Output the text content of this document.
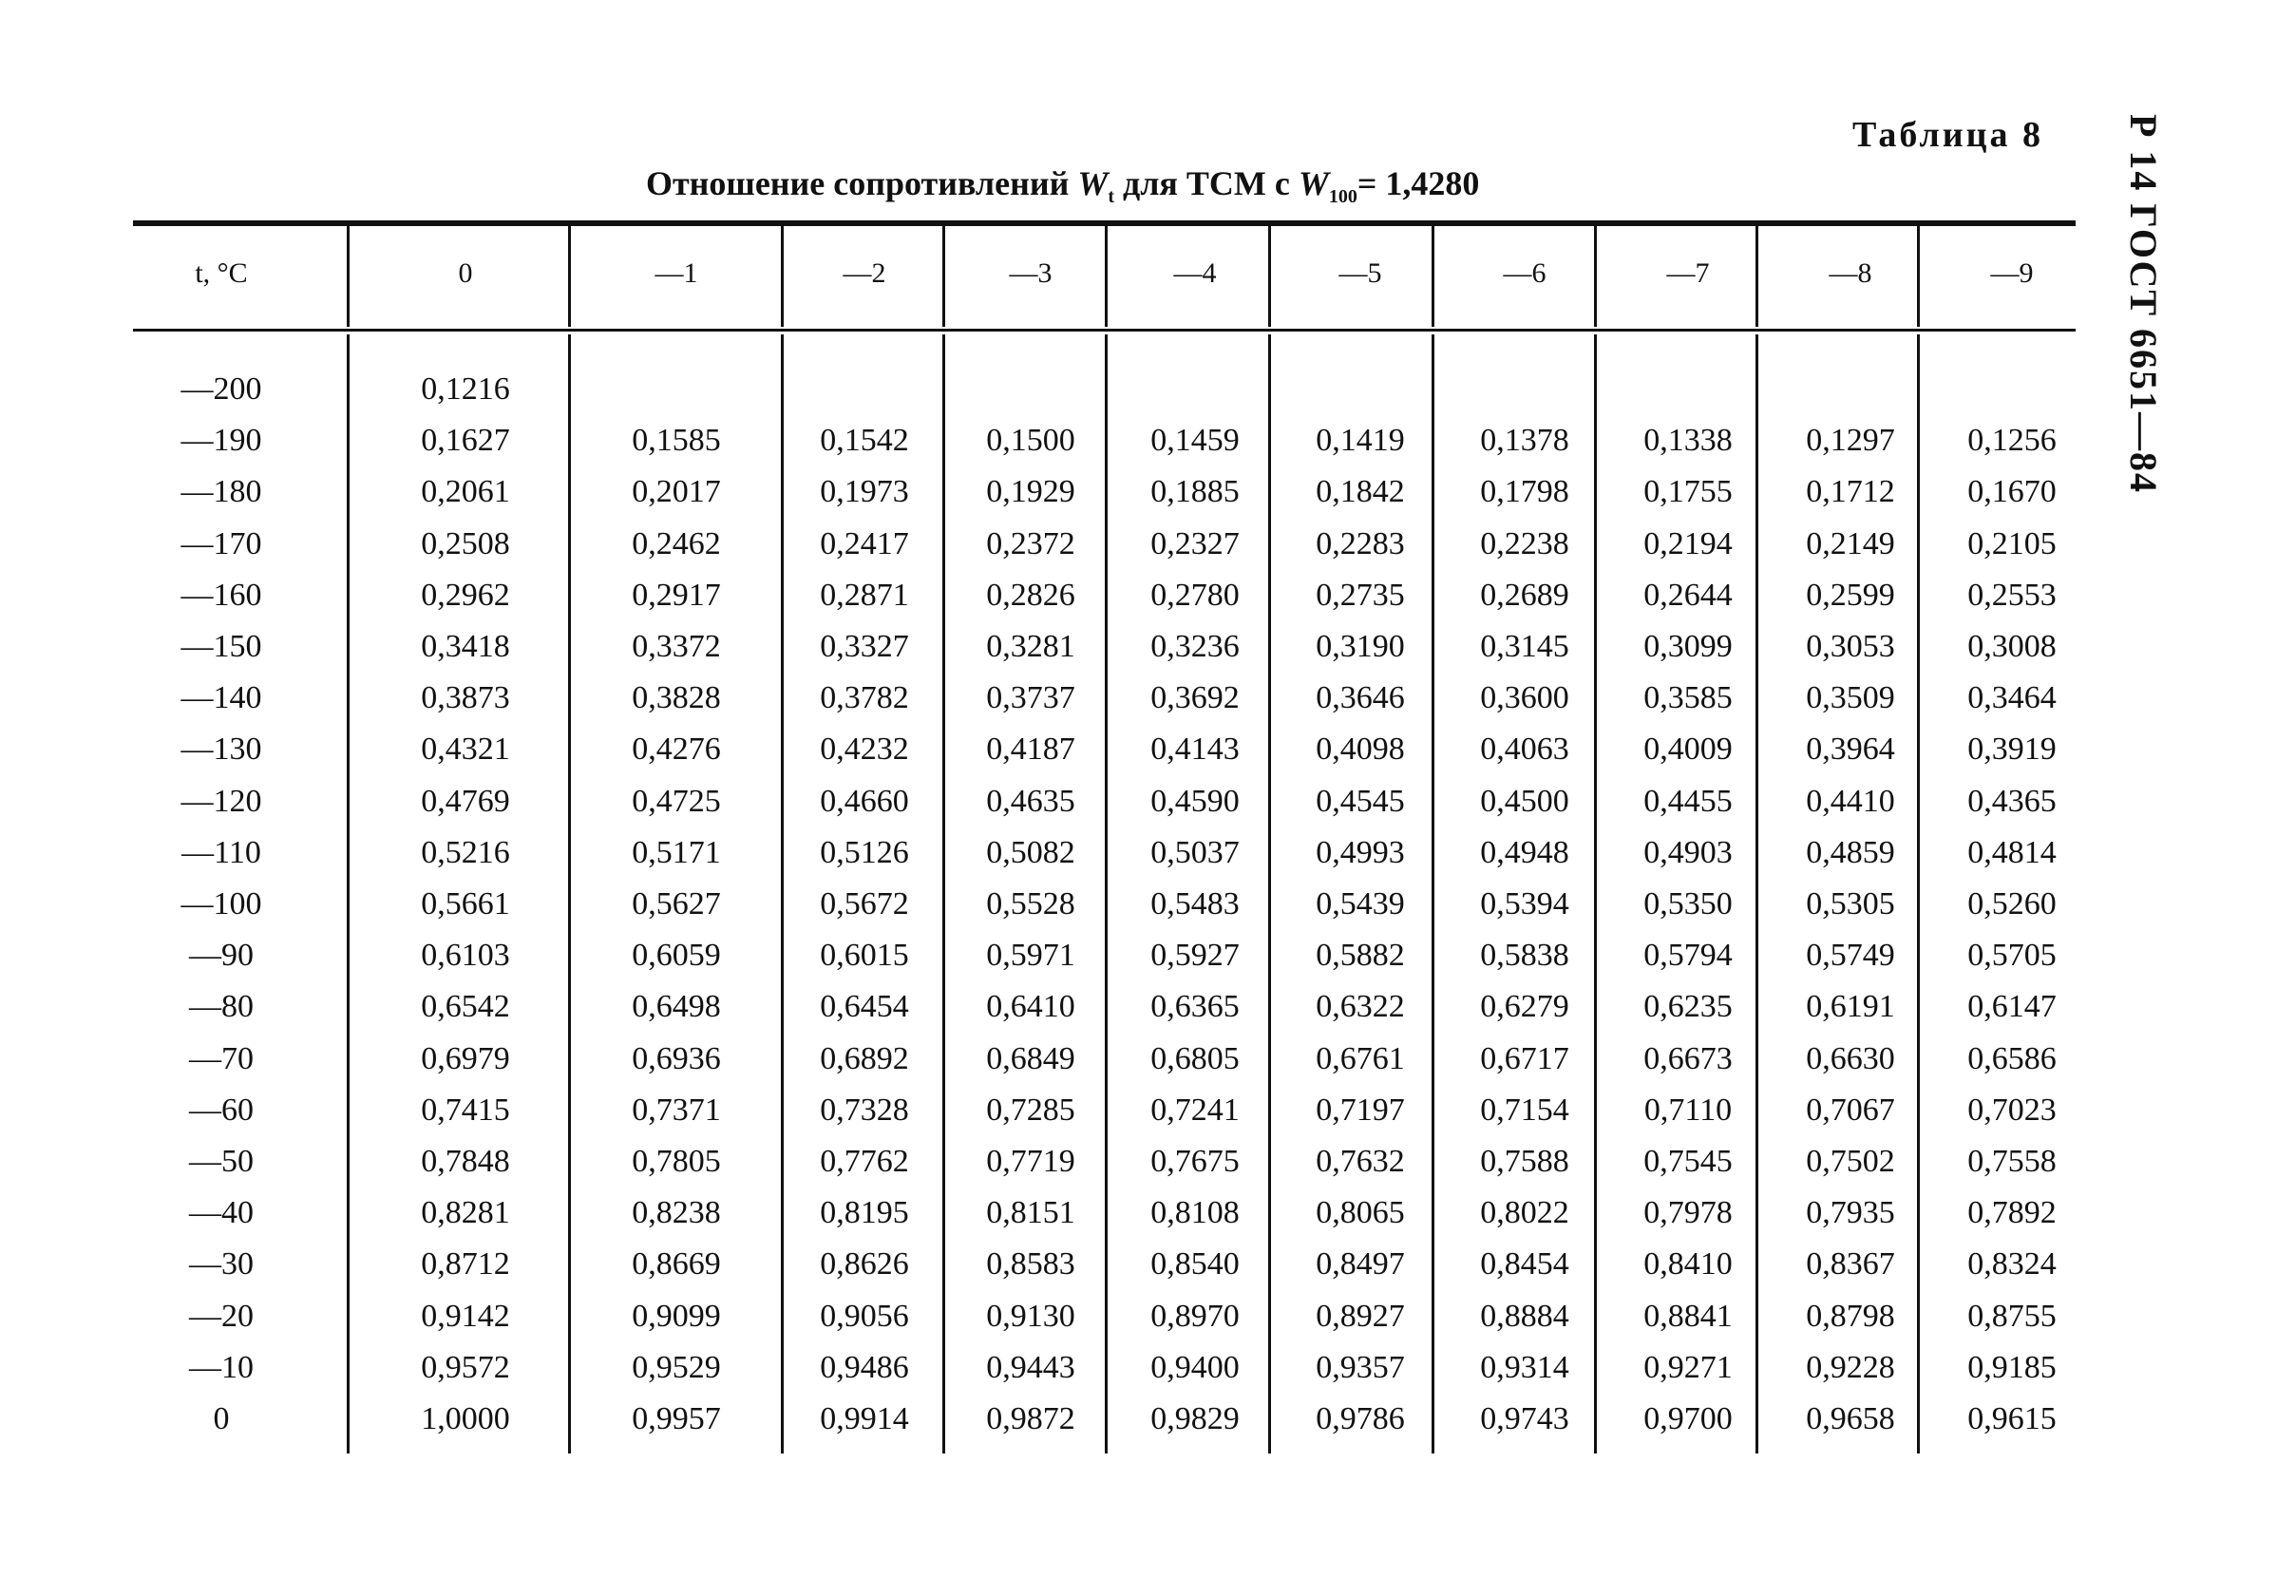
Таблица 8
Отношение сопротивлений $W_t$ для ТСМ с $W_{100}= 1,4280$	Р 14 ГОСТ 6651—84
t, °C	0	—1	—2	—3	—4	—5	—6	—7	—8	—9
—200	0,1216
—190	0,1627	0,1585	0,1542	0,1500	0,1459	0,1419	0,1378	0,1338	0,1297	0,1256
—180	0,2061	0,2017	0,1973	0,1929	0,1885	0,1842	0,1798	0,1755	0,1712	0,1670
—170	0,2508	0,2462	0,2417	0,2372	0,2327	0,2283	0,2238	0,2194	0,2149	0,2105
—160	0,2962	0,2917	0,2871	0,2826	0,2780	0,2735	0,2689	0,2644	0,2599	0,2553
—150	0,3418	0,3372	0,3327	0,3281	0,3236	0,3190	0,3145	0,3099	0,3053	0,3008
—140	0,3873	0,3828	0,3782	0,3737	0,3692	0,3646	0,3600	0,3585	0,3509	0,3464
—130	0,4321	0,4276	0,4232	0,4187	0,4143	0,4098	0,4063	0,4009	0,3964	0,3919
—120	0,4769	0,4725	0,4660	0,4635	0,4590	0,4545	0,4500	0,4455	0,4410	0,4365
—110	0,5216	0,5171	0,5126	0,5082	0,5037	0,4993	0,4948	0,4903	0,4859	0,4814
—100	0,5661	0,5627	0,5672	0,5528	0,5483	0,5439	0,5394	0,5350	0,5305	0,5260
—90	0,6103	0,6059	0,6015	0,5971	0,5927	0,5882	0,5838	0,5794	0,5749	0,5705
—80	0,6542	0,6498	0,6454	0,6410	0,6365	0,6322	0,6279	0,6235	0,6191	0,6147
—70	0,6979	0,6936	0,6892	0,6849	0,6805	0,6761	0,6717	0,6673	0,6630	0,6586
—60	0,7415	0,7371	0,7328	0,7285	0,7241	0,7197	0,7154	0,7110	0,7067	0,7023
—50	0,7848	0,7805	0,7762	0,7719	0,7675	0,7632	0,7588	0,7545	0,7502	0,7558
—40	0,8281	0,8238	0,8195	0,8151	0,8108	0,8065	0,8022	0,7978	0,7935	0,7892
—30	0,8712	0,8669	0,8626	0,8583	0,8540	0,8497	0,8454	0,8410	0,8367	0,8324
—20	0,9142	0,9099	0,9056	0,9130	0,8970	0,8927	0,8884	0,8841	0,8798	0,8755
—10	0,9572	0,9529	0,9486	0,9443	0,9400	0,9357	0,9314	0,9271	0,9228	0,9185
0	1,0000	0,9957	0,9914	0,9872	0,9829	0,9786	0,9743	0,9700	0,9658	0,9615
